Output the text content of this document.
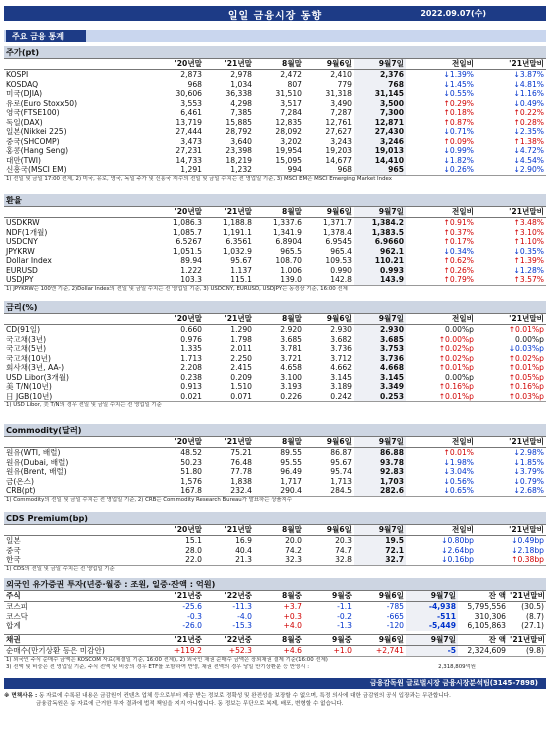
일일 금융시장 동향	2022.09.07(수)
주요 금융 통계
주가(pt)
	'20년말	'21년말	8월말	9월6일	9월7일	전일비	'21년말비	
KOSPI	2,873	2,978	2,472	2,410	2,376	↓1.39%	↓3.87%	
KOSDAQ	968	1,034	807	779	768	↓1.45%	↓4.81%	
미국(DJIA)	30,606	36,338	31,510	31,318	31,145	↓0.55%	↓1.16%	
유로(Euro Stoxx50)	3,553	4,298	3,517	3,490	3,500	↑0.29%	↓0.49%	
영국(FTSE100)	6,461	7,385	7,284	7,287	7,300	↑0.18%	↑0.22%	
독일(DAX)	13,719	15,885	12,835	12,761	12,871	↑0.87%	↑0.28%	
일본(Nikkei 225)	27,444	28,792	28,092	27,627	27,430	↓0.71%	↓2.35%	
중국(SHCOMP)	3,473	3,640	3,202	3,243	3,246	↑0.09%	↑1.38%	
홍콩(Hang Seng)	27,231	23,398	19,954	19,203	19,013	↓0.99%	↓4.72%	
대만(TWI)	14,733	18,219	15,095	14,677	14,410	↓1.82%	↓4.54%	
신흥국(MSCI EM)	1,291	1,232	994	968	965	↓0.26%	↓2.90%	
1) 전일 및 금일 17:00 전체, 2) 미국, 유로, 영국, 독일 주가 및 신흥국 지수의 전일 및 금일 수치는 전 영업일 기준, 3) MSCI EM은 MSCI Emerging Market Index
환율
	'20년말	'21년말	8월말	9월6일	9월7일	전일비	'21년말비	
USDKRW	1,086.3	1,188.8	1,337.6	1,371.7	1,384.2	↑0.91%	↑3.48%	
NDF(1개월)	1,085.7	1,191.1	1,341.9	1,378.4	1,383.5	↑0.37%	↑3.10%	
USDCNY	6.5267	6.3561	6.8904	6.9545	6.9660	↑0.17%	↑1.10%	
JPYKRW	1,051.5	1,032.9	965.5	965.4	962.1	↓0.34%	↓0.35%	
Dollar Index	89.94	95.67	108.70	109.53	110.21	↑0.62%	↑1.39%	
EURUSD	1.222	1.137	1.006	0.990	0.993	↑0.26%	↓1.28%	
USDJPY	103.3	115.1	139.0	142.8	143.9	↑0.79%	↑3.57%	
1) JPYKRW는 100엔 기준, 2)Dollar Index의 전일 및 금일 수치는 전 영업일 기준, 3) USDCNY, EURUSD, USDJPY는 동경장 기준, 16:00 전체
금리(%)
	'20년말	'21년말	8월말	9월6일	9월7일	전일비	'21년말비	
CD(91일)	0.660	1.290	2.920	2.930	2.930	0.00%p	↑0.01%p	
국고채(3년)	0.976	1.798	3.685	3.682	3.685	↑0.00%p	0.00%p	
국고채(5년)	1.335	2.011	3.781	3.736	3.753	↑0.02%p	↓0.03%p	
국고채(10년)	1.713	2.250	3.721	3.712	3.736	↑0.02%p	↑0.02%p	
회사채(3년, AA-)	2.208	2.415	4.658	4.662	4.668	↑0.01%p	↑0.01%p	
USD Libor(3개월)	0.238	0.209	3.100	3.145	3.145	0.00%p	↑0.05%p	
美 T/N(10년)	0.913	1.510	3.193	3.189	3.349	↑0.16%p	↑0.16%p	
日 JGB(10년)	0.021	0.071	0.226	0.242	0.253	↑0.01%p	↑0.03%p	
1) USD Libor, 美 T/N의 경우 전일 및 금일 수치는 전 영업일 기준
Commodity(달러)
	'20년말	'21년말	8월말	9월6일	9월7일	전일비	'21년말비	
원유(WTI, 배럴)	48.52	75.21	89.55	86.87	86.88	↑0.01%	↓2.98%	
원유(Dubai, 배럴)	50.23	76.48	95.55	95.67	93.78	↓1.98%	↓1.85%	
원유(Brent, 배럴)	51.80	77.78	96.49	95.74	92.83	↓3.04%	↓3.79%	
금(온스)	1,576	1,838	1,717	1,713	1,703	↓0.56%	↓0.79%	
CRB(pt)	167.8	232.4	290.4	284.5	282.6	↓0.65%	↓2.68%	
1) Commodity의 전일 및 금일 수치는 전 영업일 기준, 2) CRB는 Commodity Research Bureau가 발표하는 상품지수
CDS Premium(bp)
	'20년말	'21년말	8월말	9월6일	9월7일	전일비	'21년말비	
일본	15.1	16.9	20.0	20.3	19.5	↓0.80bp	↓0.49bp	
중국	28.0	40.4	74.2	74.7	72.1	↓2.64bp	↓2.18bp	
한국	22.0	21.3	32.3	32.8	32.7	↓0.16bp	↑0.38bp	
1) CDS의 전일 및 금일 수치는 전 영업일 기준
외국인 유가증권 투자(년중·월중 : 조원, 일중·잔액 : 억원)
주식	'21년중	'22년중	8월중	9월중	9월6일	9월7일	잔 액	'21년말비
코스피	-25.6	-11.3	+3.7	-1.1	-785	-4,938	5,795,556	(30.5)
코스닥	-0.3	-4.0	+0.3	-0.2	-665	-511	310,306	(8.7)
합계	-26.0	-15.3	+4.0	-1.3	-120	-5,449	6,105,863	(27.1)

채권	'21년중	'22년중	8월중	9월중	9월6일	9월7일	잔 액	'21년말비
순매수(만기상환 등은 미감안)	+119.2	+52.3	+4.6	+1.0	+2,741	-5	2,324,609	(9.8)
1) 외국인 주식 순매수 금액은 KOSCOM 자료(체결일 기준, 16:00 전체), 2) 외국인 채권 순매수 금액은 장외채권 결제 기준(16:00 전체)
3) 전액 및 비중은 전 영업일 기준, 주식 전액 및 비중의 경우 ETF를 포함하여 반영, 채권 전액의 경우 당일 만기상환분 등 반영시 :	2,318,809억원
금융감독원 글로벌시장 금융시장분석팀(3145-7898)
※ 면책사유 : 동 자료에 수록된 내용은 금감원이 컨텐츠 업체 등으로부터 제공 받는 정보로 정확성 및 완전성을 보장할 수 없으며, 특정 의사에 대한 금감원의 공식 입장과는 무관합니다.
금융감독원은 동 자료에 근거한 투자 결과에 법적 책임을 지지 아니합니다. 동 정보는 무단으로 복제, 배포, 변형할 수 없습니다.
